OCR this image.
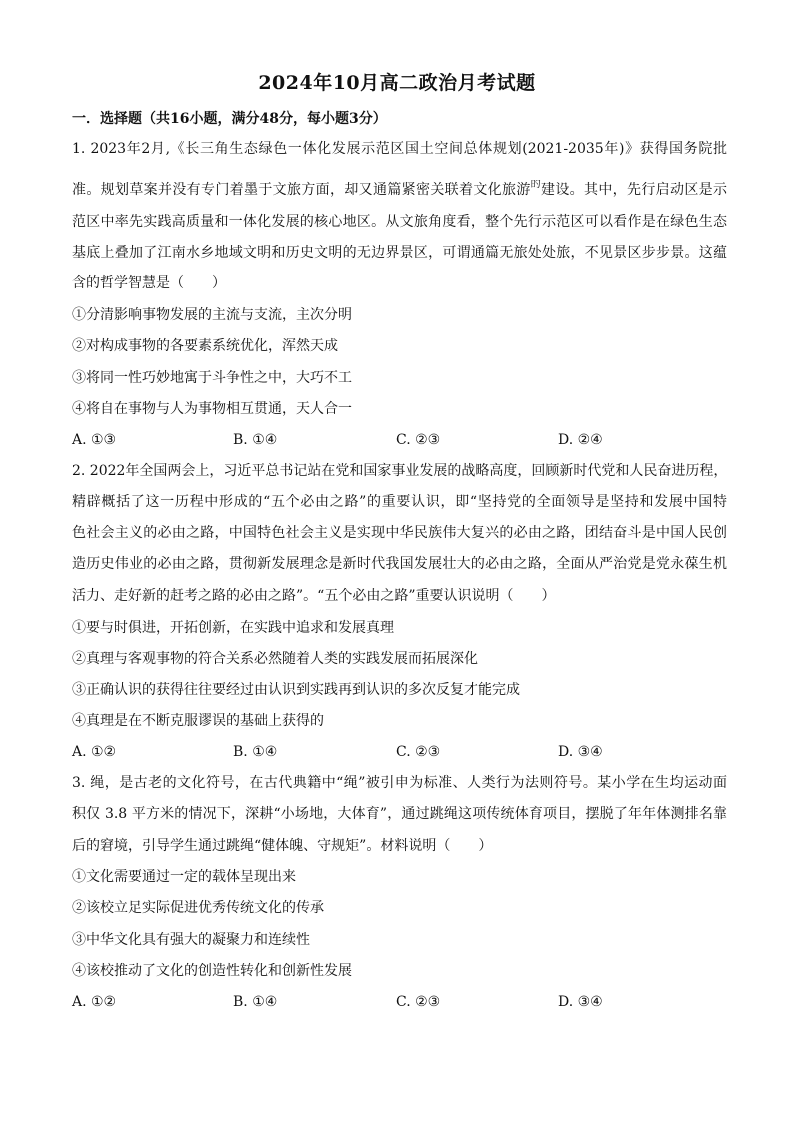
2024年10月高二政治月考试题
一．选择题（共16小题，满分48分，每小题3分）
1. 2023年2月,《长三角生态绿色一体化发展示范区国土空间总体规划(2021-2035年)》获得国务院批
准。规划草案并没有专门着墨于文旅方面，却又通篇紧密关联着文化旅游$^的$建设。其中，先行启动区是示
范区中率先实践高质量和一体化发展的核心地区。从文旅角度看，整个先行示范区可以看作是在绿色生态
基底上叠加了江南水乡地域文明和历史文明的无边界景区，可谓通篇无旅处处旅，不见景区步步景。这蕴
含的哲学智慧是（　　）
①分清影响事物发展的主流与支流，主次分明
②对构成事物的各要素系统优化，浑然天成
③将同一性巧妙地寓于斗争性之中，大巧不工
④将自在事物与人为事物相互贯通，天人合一
A. ①③	B. ①④	C. ②③	D. ②④
2. 2022年全国两会上，习近平总书记站在党和国家事业发展的战略高度，回顾新时代党和人民奋进历程，
精辟概括了这一历程中形成的“五个必由之路”的重要认识，即“坚持党的全面领导是坚持和发展中国特
色社会主义的必由之路，中国特色社会主义是实现中华民族伟大复兴的必由之路，团结奋斗是中国人民创
造历史伟业的必由之路，贯彻新发展理念是新时代我国发展壮大的必由之路，全面从严治党是党永葆生机
活力、走好新的赶考之路的必由之路”。“五个必由之路”重要认识说明（　　）
①要与时俱进，开拓创新，在实践中追求和发展真理
②真理与客观事物的符合关系必然随着人类的实践发展而拓展深化
③正确认识的获得往往要经过由认识到实践再到认识的多次反复才能完成
④真理是在不断克服谬误的基础上获得的
A. ①②	B. ①④	C. ②③	D. ③④
3. 绳，是古老的文化符号，在古代典籍中“绳”被引申为标准、人类行为法则符号。某小学在生均运动面
积仅 3.8 平方米的情况下，深耕“小场地，大体育”，通过跳绳这项传统体育项目，摆脱了年年体测排名靠
后的窘境，引导学生通过跳绳“健体魄、守规矩”。材料说明（　　）
①文化需要通过一定的载体呈现出来
②该校立足实际促进优秀传统文化的传承
③中华文化具有强大的凝聚力和连续性
④该校推动了文化的创造性转化和创新性发展
A. ①②	B. ①④	C. ②③	D. ③④
